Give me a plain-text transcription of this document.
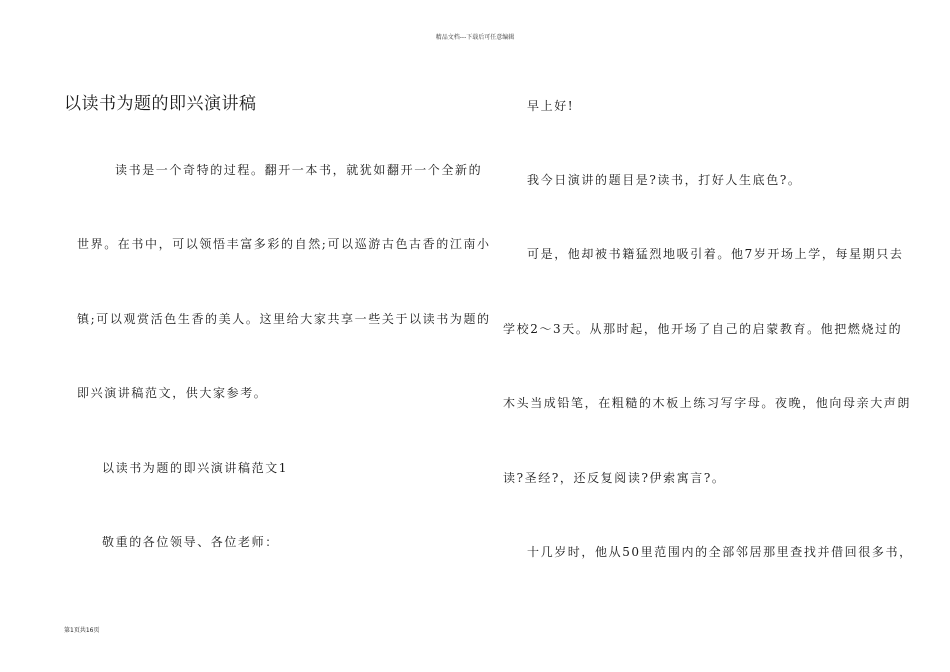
精品文档---下载后可任意编辑
以读书为题的即兴演讲稿

读书是一个奇特的过程。翻开一本书，就犹如翻开一个全新的

世界。在书中，可以领悟丰富多彩的自然;可以巡游古色古香的江南小

镇;可以观赏活色生香的美人。这里给大家共享一些关于以读书为题的

即兴演讲稿范文，供大家参考。

以读书为题的即兴演讲稿范文1

敬重的各位领导、各位老师：

早上好!

我今日演讲的题目是?读书，打好人生底色?。

可是，他却被书籍猛烈地吸引着。他7岁开场上学，每星期只去

学校2～3天。从那时起，他开场了自己的启蒙教育。他把燃烧过的

木头当成铅笔，在粗糙的木板上练习写字母。夜晚，他向母亲大声朗

读?圣经?，还反复阅读?伊索寓言?。

十几岁时，他从50里范围内的全部邻居那里查找并借回很多书，

第1页共16页
